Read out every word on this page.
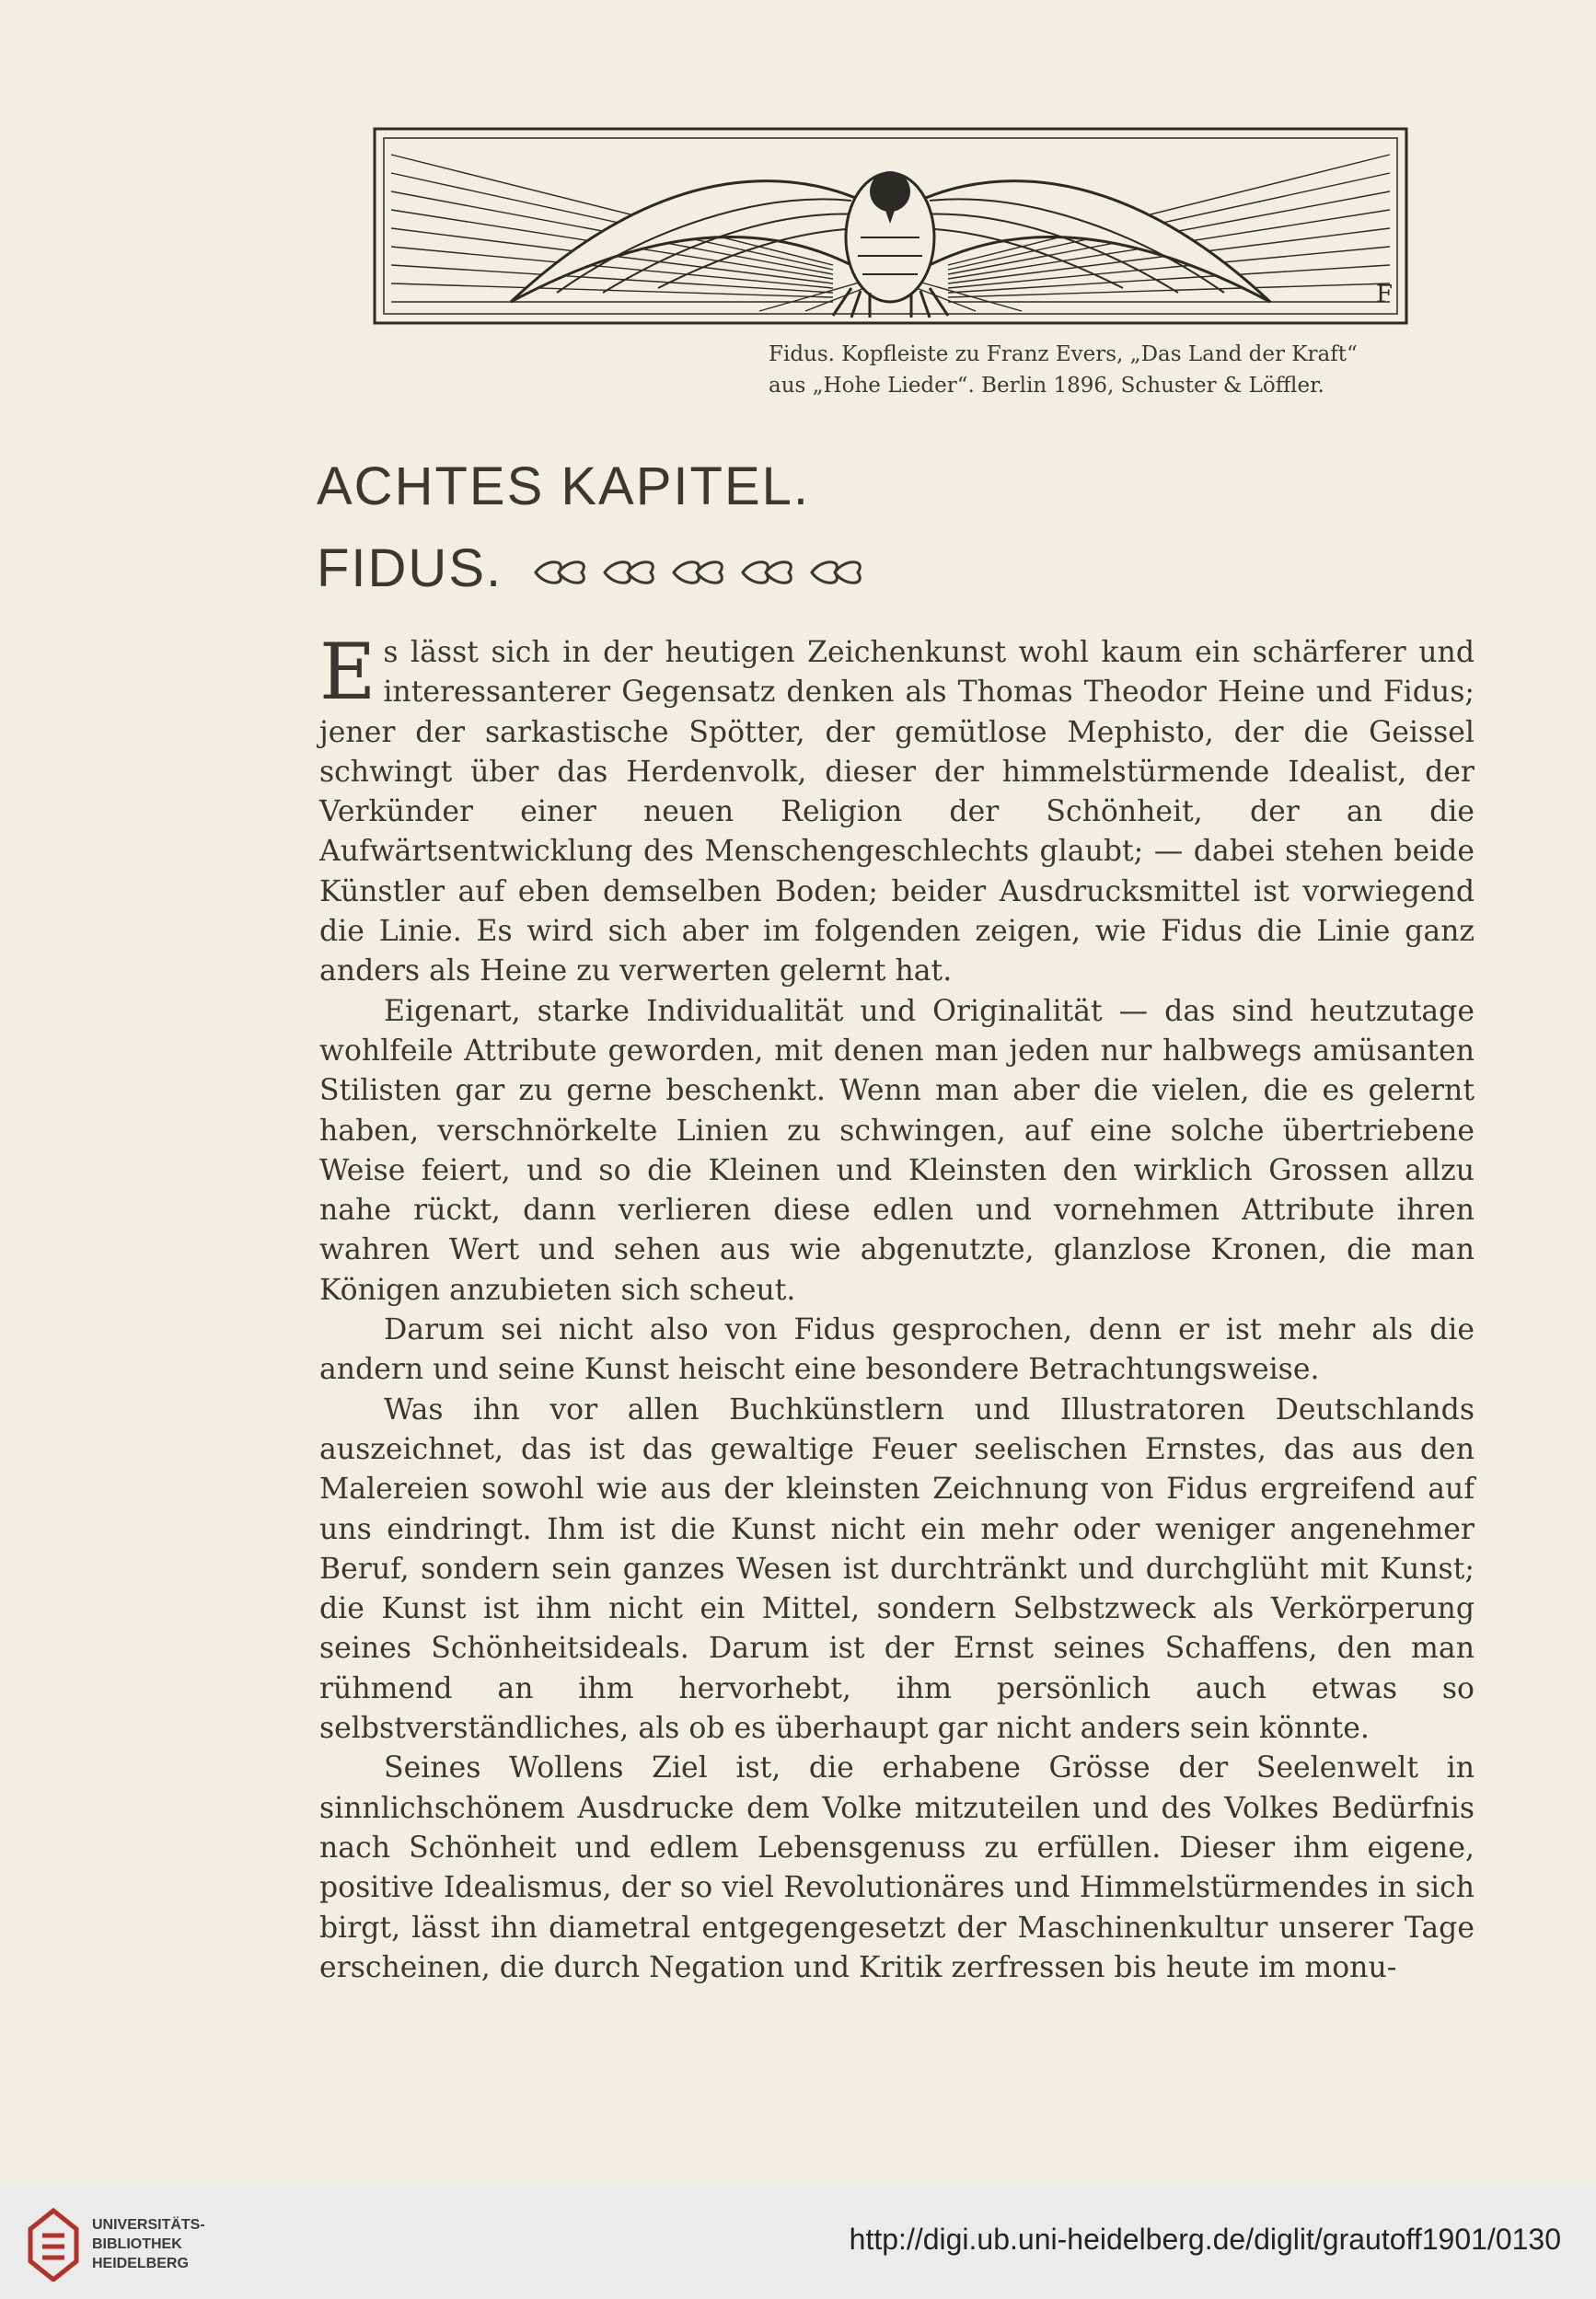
F
Fidus. Kopfleiste zu Franz Evers, „Das Land der Kraft“
aus „Hohe Lieder“. Berlin 1896, Schuster & Löffler.
ACHTES KAPITEL.
FIDUS.

Es lässt sich in der heutigen Zeichenkunst wohl kaum ein schärferer und interessanterer Gegensatz denken als Thomas Theodor Heine und Fidus; jener der sarkastische Spötter, der gemütlose Mephisto, der die Geissel schwingt über das Herdenvolk, dieser der himmelstürmende Idealist, der Verkünder einer neuen Religion der Schönheit, der an die Aufwärtsentwicklung des Menschengeschlechts glaubt; — dabei stehen beide Künstler auf eben demselben Boden; beider Ausdrucksmittel ist vorwiegend die Linie. Es wird sich aber im folgenden zeigen, wie Fidus die Linie ganz anders als Heine zu verwerten gelernt hat.

Eigenart, starke Individualität und Originalität — das sind heutzutage wohlfeile Attribute geworden, mit denen man jeden nur halbwegs amüsanten Stilisten gar zu gerne beschenkt. Wenn man aber die vielen, die es gelernt haben, verschnörkelte Linien zu schwingen, auf eine solche übertriebene Weise feiert, und so die Kleinen und Kleinsten den wirklich Grossen allzu nahe rückt, dann verlieren diese edlen und vornehmen Attribute ihren wahren Wert und sehen aus wie abgenutzte, glanzlose Kronen, die man Königen anzubieten sich scheut.

Darum sei nicht also von Fidus gesprochen, denn er ist mehr als die andern und seine Kunst heischt eine besondere Betrachtungsweise.

Was ihn vor allen Buchkünstlern und Illustratoren Deutschlands auszeichnet, das ist das gewaltige Feuer seelischen Ernstes, das aus den Malereien sowohl wie aus der kleinsten Zeichnung von Fidus ergreifend auf uns eindringt. Ihm ist die Kunst nicht ein mehr oder weniger angenehmer Beruf, sondern sein ganzes Wesen ist durchtränkt und durchglüht mit Kunst; die Kunst ist ihm nicht ein Mittel, sondern Selbstzweck als Verkörperung seines Schönheitsideals. Darum ist der Ernst seines Schaffens, den man rühmend an ihm hervorhebt, ihm persönlich auch etwas so selbstverständliches, als ob es überhaupt gar nicht anders sein könnte.

Seines Wollens Ziel ist, die erhabene Grösse der Seelenwelt in sinnlichschönem Ausdrucke dem Volke mitzuteilen und des Volkes Bedürfnis nach Schönheit und edlem Lebensgenuss zu erfüllen. Dieser ihm eigene, positive Idealismus, der so viel Revolutionäres und Himmelstürmendes in sich birgt, lässt ihn diametral entgegengesetzt der Maschinenkultur unserer Tage erscheinen, die durch Negation und Kritik zerfressen bis heute im monu-

UNIVERSITÄTS-
BIBLIOTHEK
HEIDELBERG
http://digi.ub.uni-heidelberg.de/diglit/grautoff1901/0130
